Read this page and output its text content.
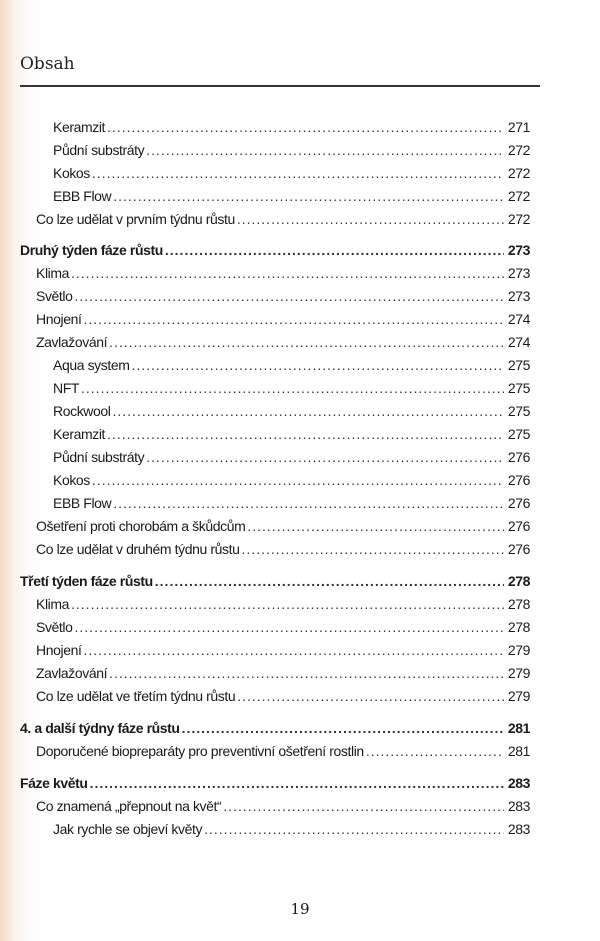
Obsah
Keramzit .....	271
Půdní substráty .....	272
Kokos .....	272
EBB Flow .....	272
Co lze udělat v prvním týdnu růstu .....	272
Druhý týden fáze růstu .....	273
Klima .....	273
Světlo .....	273
Hnojení .....	274
Zavlažování .....	274
Aqua system .....	275
NFT .....	275
Rockwool .....	275
Keramzit .....	275
Půdní substráty .....	276
Kokos .....	276
EBB Flow .....	276
Ošetření proti chorobám a škůdcům .....	276
Co lze udělat v druhém týdnu růstu .....	276
Třetí týden fáze růstu .....	278
Klima .....	278
Světlo .....	278
Hnojení .....	279
Zavlažování .....	279
Co lze udělat ve třetím týdnu růstu .....	279
4. a další týdny fáze růstu .....	281
Doporučené biopreparáty pro preventivní ošetření rostlin .....	281
Fáze květu .....	283
Co znamená „přepnout na květ“ .....	283
Jak rychle se objeví květy .....	283
19
